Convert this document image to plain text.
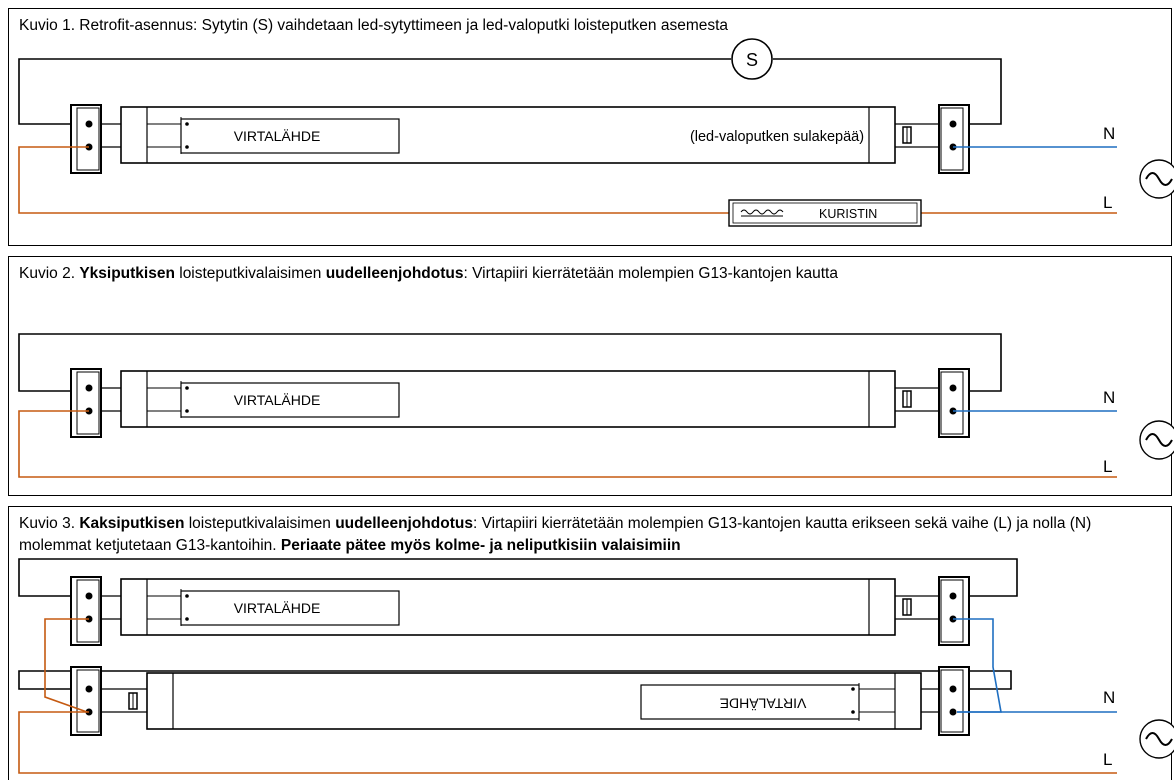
Kuvio 1. Retrofit-asennus: Sytytin (S) vaihdetaan led-sytyttimeen ja led-valoputki loisteputken asemesta

S
VIRTALÄHDE	(led-valoputken sulakepää)	N
KURISTIN
L

Kuvio 2. Yksiputkisen loisteputkivalaisimen uudelleenjohdotus: Virtapiiri kierrätetään molempien G13-kantojen kautta

VIRTALÄHDE	N
L

Kuvio 3. Kaksiputkisen loisteputkivalaisimen uudelleenjohdotus: Virtapiiri kierrätetään molempien G13-kantojen kautta erikseen sekä vaihe (L) ja nolla (N) molemmat ketjutetaan G13-kantoihin. Periaate pätee myös kolme- ja neliputkisiin valaisimiin

VIRTALÄHDE
VIRTALÄHDE	N
L
